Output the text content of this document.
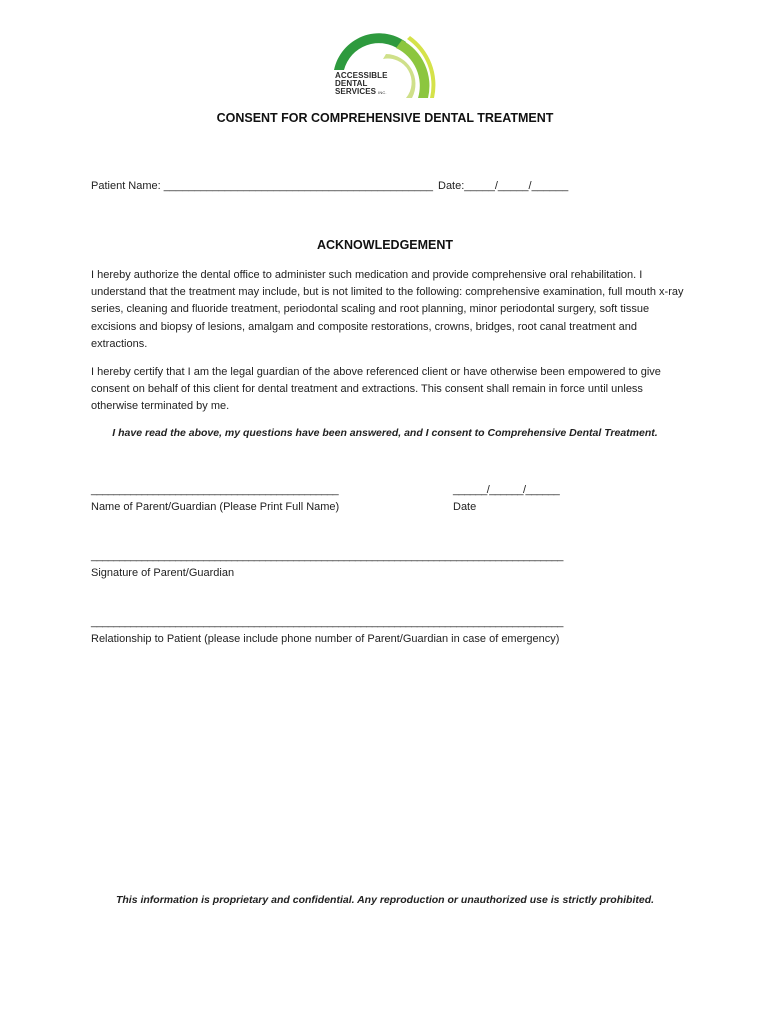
ACCESSIBLE
DENTAL
SERVICES INC.
CONSENT FOR COMPREHENSIVE DENTAL TREATMENT
Patient Name: ____________________________________________ Date:_____/_____/______
ACKNOWLEDGEMENT
I hereby authorize the dental office to administer such medication and provide comprehensive oral rehabilitation. I understand that the treatment may include, but is not limited to the following: comprehensive examination, full mouth x-ray series, cleaning and fluoride treatment, periodontal scaling and root planning, minor periodontal surgery, soft tissue excisions and biopsy of lesions, amalgam and composite restorations, crowns, bridges, root canal treatment and extractions.
I hereby certify that I am the legal guardian of the above referenced client or have otherwise been empowered to give consent on behalf of this client for dental treatment and extractions. This consent shall remain in force until unless otherwise terminated by me.
I have read the above, my questions have been answered, and I consent to Comprehensive Dental Treatment.
____________________________________________
Name of Parent/Guardian (Please Print Full Name)
______/______/______
Date
____________________________________________________________________________________
Signature of Parent/Guardian
____________________________________________________________________________________
Relationship to Patient (please include phone number of Parent/Guardian in case of emergency)
This information is proprietary and confidential. Any reproduction or unauthorized use is strictly prohibited.
